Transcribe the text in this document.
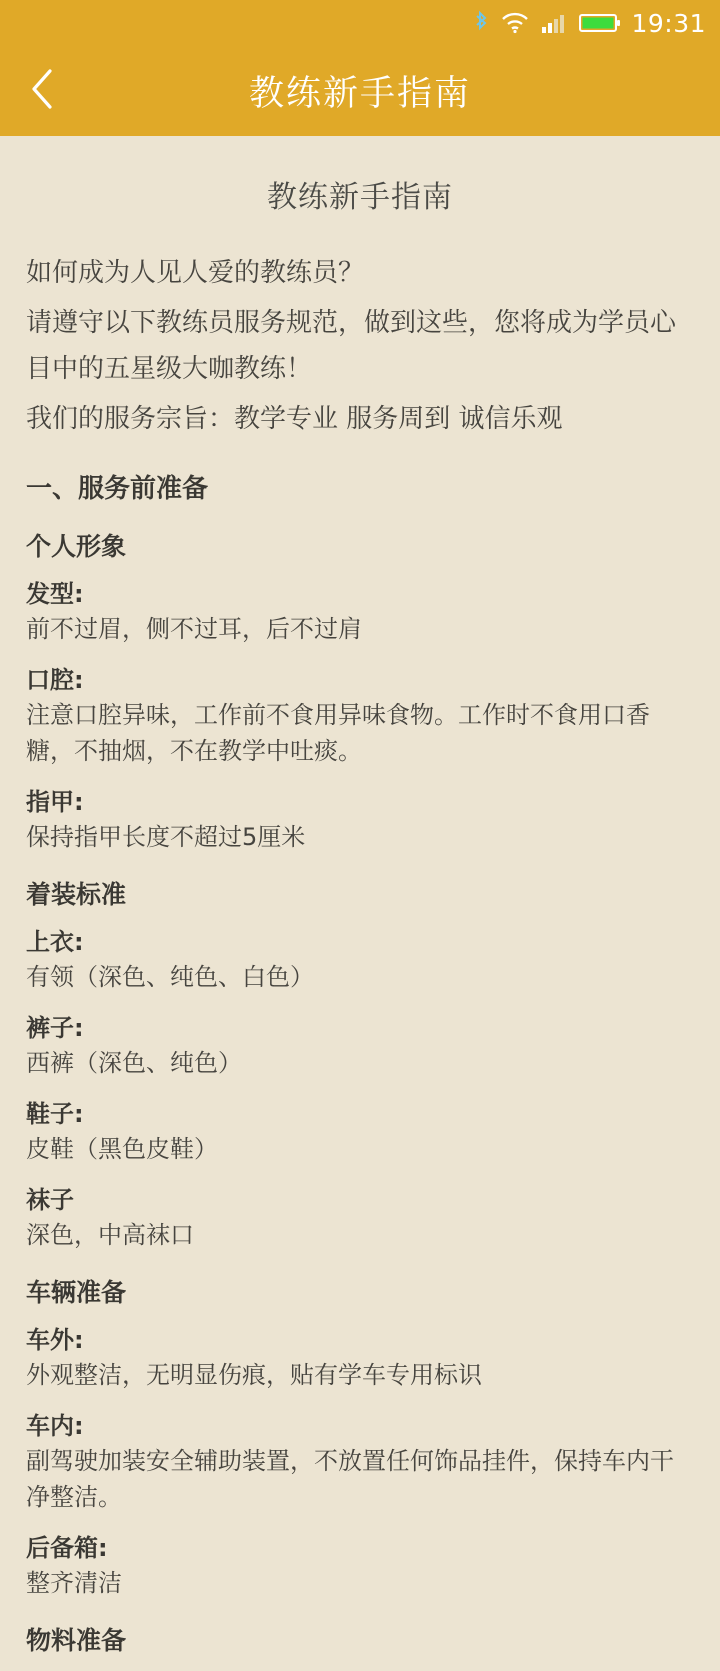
19:31
教练新手指南
教练新手指南
如何成为人见人爱的教练员？
请遵守以下教练员服务规范，做到这些，您将成为学员心目中的五星级大咖教练！
我们的服务宗旨：教学专业 服务周到 诚信乐观
一、服务前准备
个人形象
发型:
前不过眉，侧不过耳，后不过肩
口腔:
注意口腔异味，工作前不食用异味食物。工作时不食用口香糖，不抽烟，不在教学中吐痰。
指甲:
保持指甲长度不超过5厘米
着装标准
上衣:
有领（深色、纯色、白色）
裤子:
西裤（深色、纯色）
鞋子:
皮鞋（黑色皮鞋）
袜子
深色，中高袜口
车辆准备
车外:
外观整洁，无明显伤痕，贴有学车专用标识
车内:
副驾驶加装安全辅助装置，不放置任何饰品挂件，保持车内干净整洁。
后备箱:
整齐清洁
物料准备
